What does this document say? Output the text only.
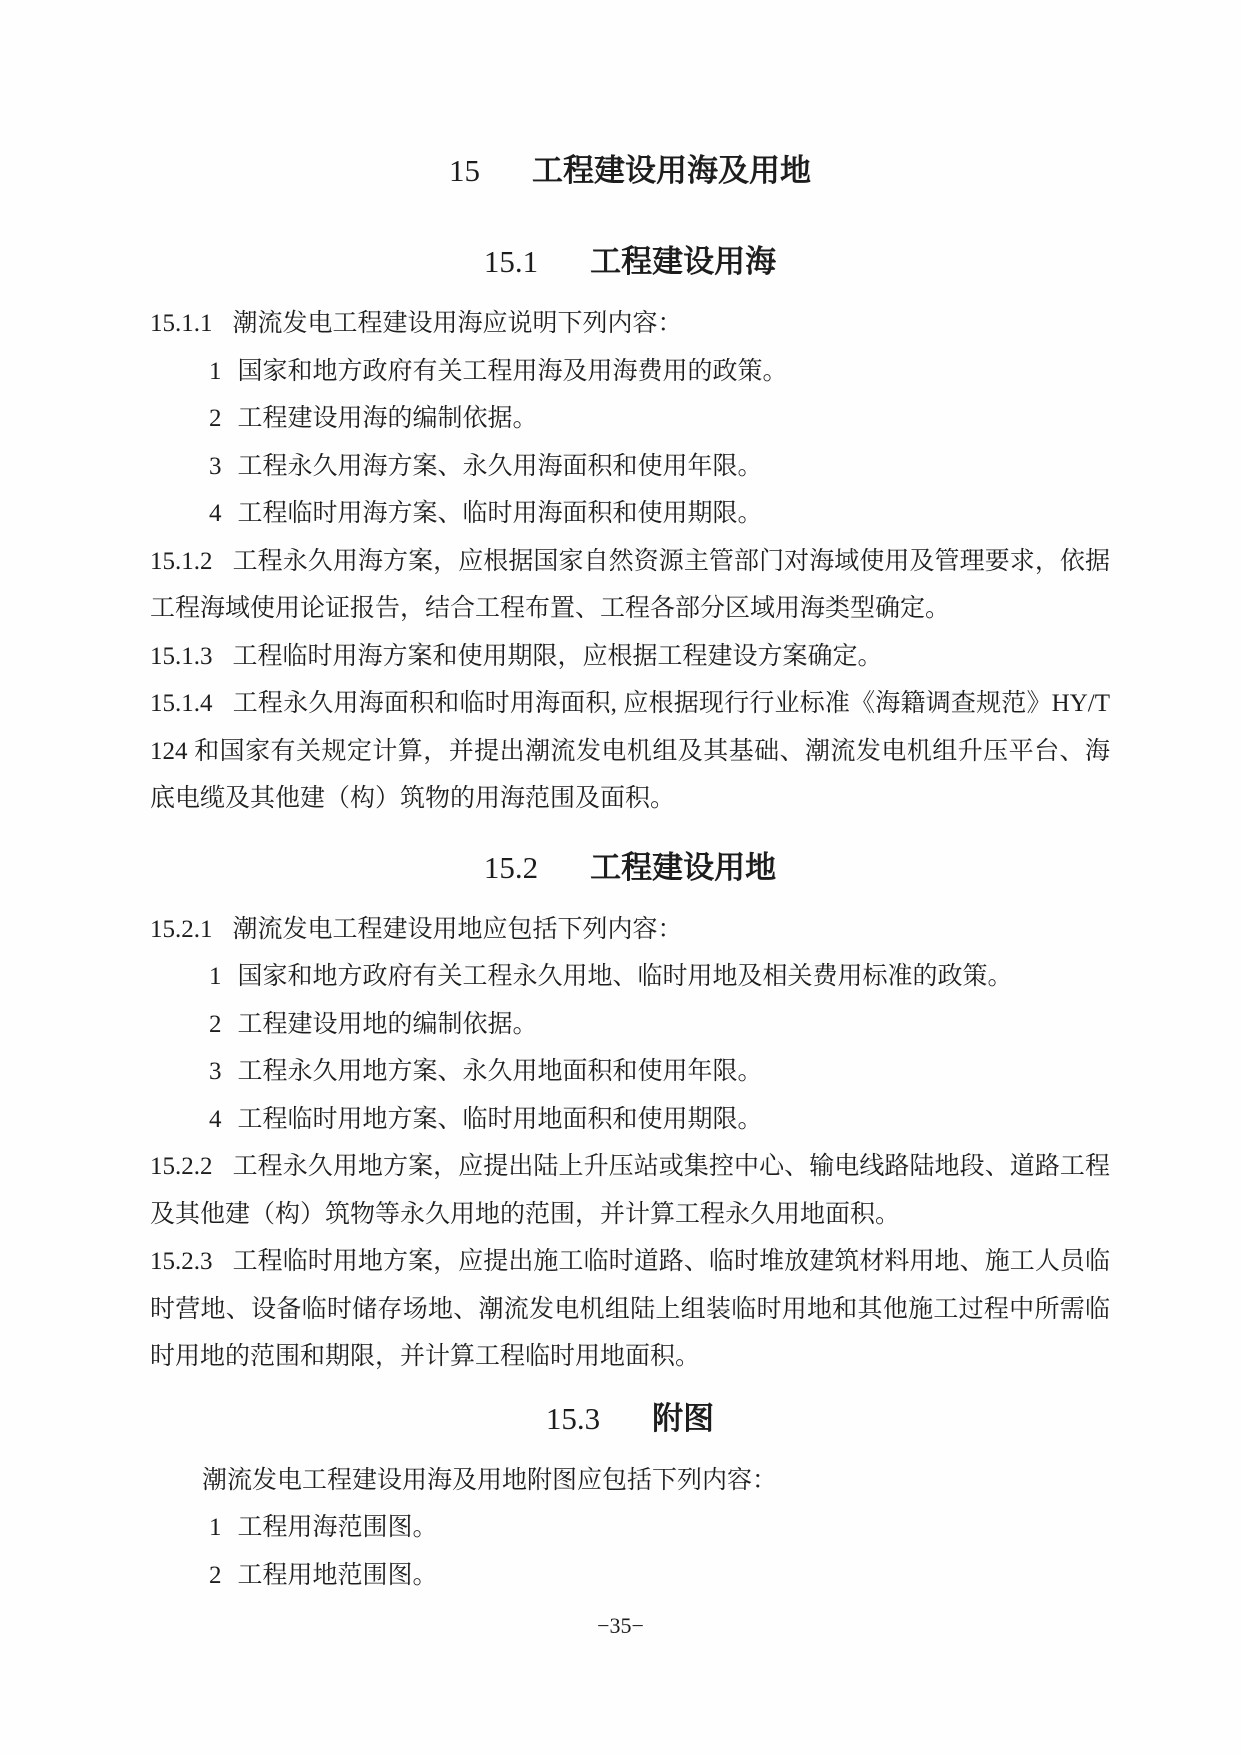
15 工程建设用海及用地
15.1 工程建设用海

15.1.1 潮流发电工程建设用海应说明下列内容：

1 国家和地方政府有关工程用海及用海费用的政策。

2 工程建设用海的编制依据。

3 工程永久用海方案、永久用海面积和使用年限。

4 工程临时用海方案、临时用海面积和使用期限。

15.1.2 工程永久用海方案，应根据国家自然资源主管部门对海域使用及管理要求，依据工程海域使用论证报告，结合工程布置、工程各部分区域用海类型确定。

15.1.3 工程临时用海方案和使用期限，应根据工程建设方案确定。

15.1.4 工程永久用海面积和临时用海面积, 应根据现行行业标准《海籍调查规范》HY/T 124 和国家有关规定计算，并提出潮流发电机组及其基础、潮流发电机组升压平台、海底电缆及其他建（构）筑物的用海范围及面积。

15.2 工程建设用地

15.2.1 潮流发电工程建设用地应包括下列内容：

1 国家和地方政府有关工程永久用地、临时用地及相关费用标准的政策。

2 工程建设用地的编制依据。

3 工程永久用地方案、永久用地面积和使用年限。

4 工程临时用地方案、临时用地面积和使用期限。

15.2.2 工程永久用地方案，应提出陆上升压站或集控中心、输电线路陆地段、道路工程及其他建（构）筑物等永久用地的范围，并计算工程永久用地面积。

15.2.3 工程临时用地方案，应提出施工临时道路、临时堆放建筑材料用地、施工人员临时营地、设备临时储存场地、潮流发电机组陆上组装临时用地和其他施工过程中所需临时用地的范围和期限，并计算工程临时用地面积。

15.3 附图

潮流发电工程建设用海及用地附图应包括下列内容：

1 工程用海范围图。

2 工程用地范围图。

−35−
